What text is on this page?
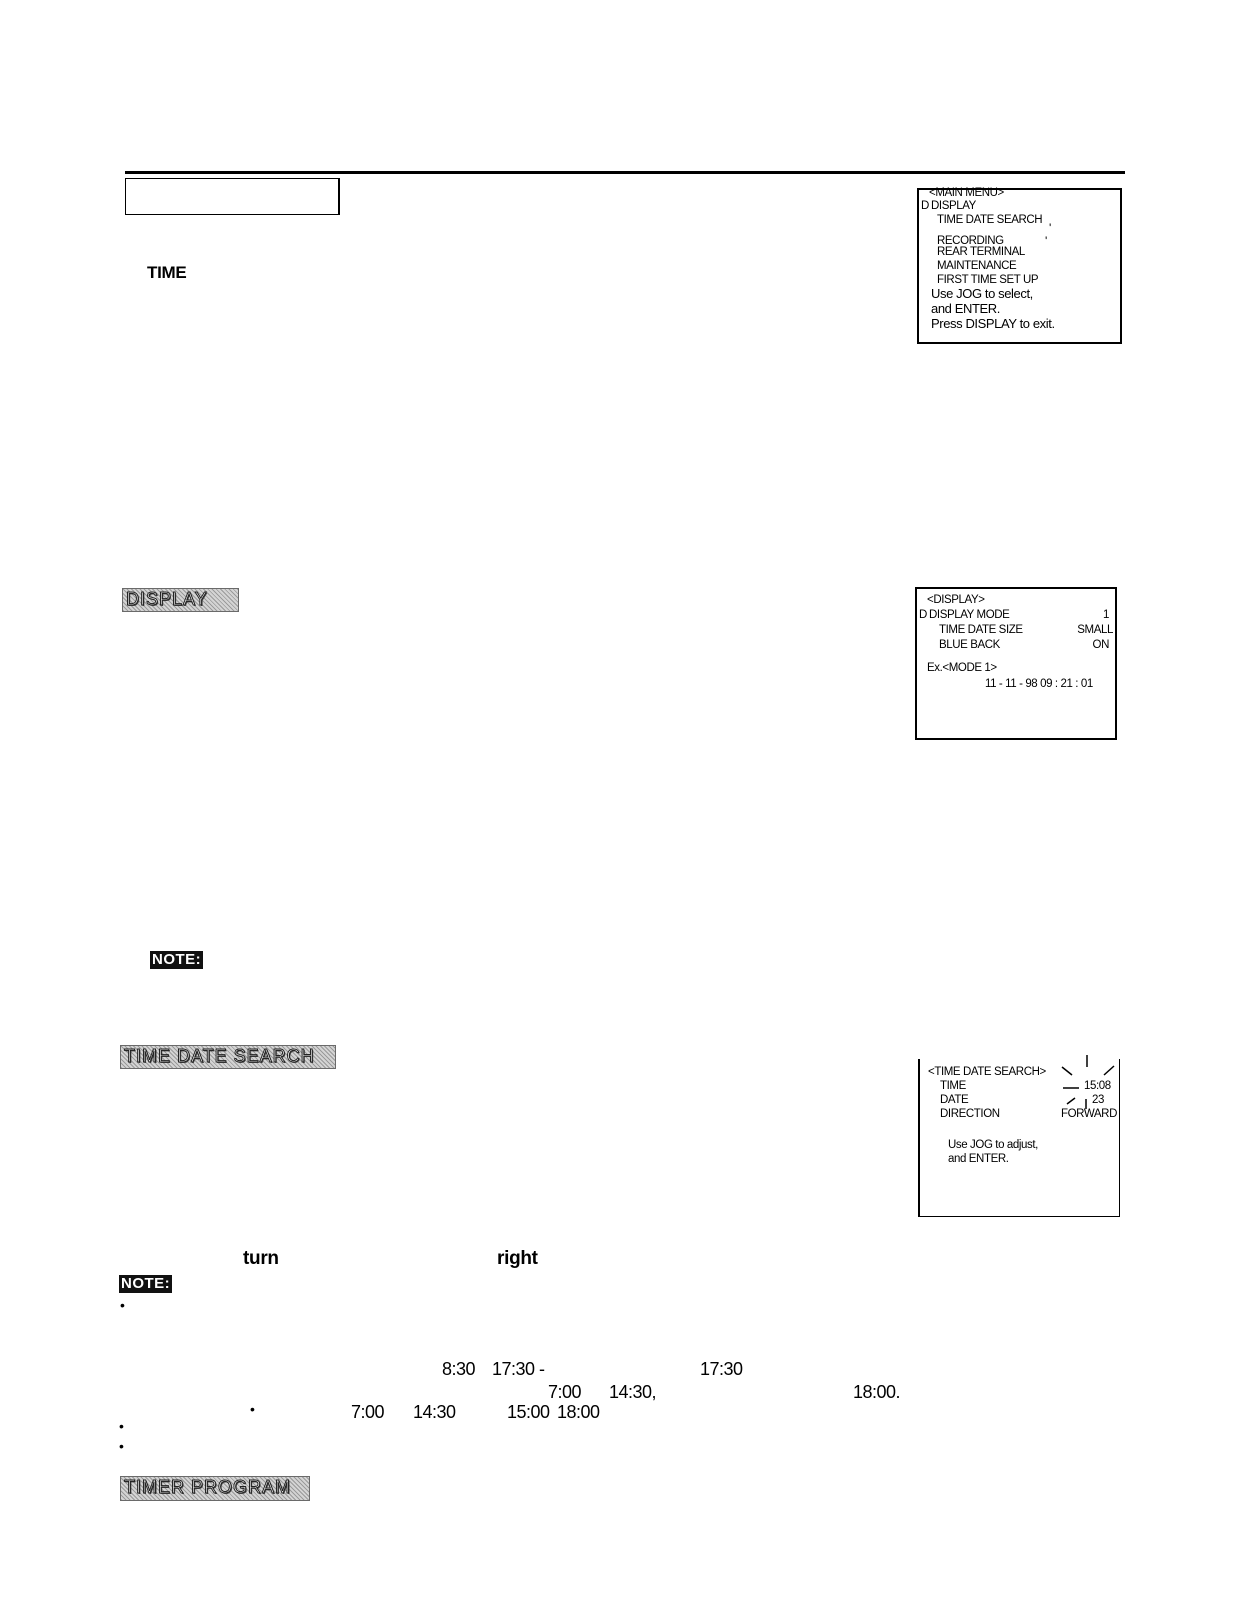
TIME
<MAIN MENU>
D DISPLAY
TIME DATE SEARCH
'
RECORDING	'
REAR TERMINAL
MAINTENANCE
FIRST TIME SET UP
Use JOG to select,
and ENTER.
Press DISPLAY to exit.
DISPLAY	<DISPLAY>
D DISPLAY MODE	1
TIME DATE SIZE	SMALL
BLUE BACK	ON
Ex.<MODE 1>
11 - 11 - 98 09 : 21 : 01
NOTE:
TIME DATE SEARCH
<TIME DATE SEARCH>
TIME	15:08
DATE	23
DIRECTION	FORWARD
Use JOG to adjust,
and ENTER.
turn	right
NOTE:
•
8:30 17:30 -	17:30
7:00 14:30,	18:00.
•	7:00 14:30	15:00 18:00
•
•
TIMER PROGRAM
